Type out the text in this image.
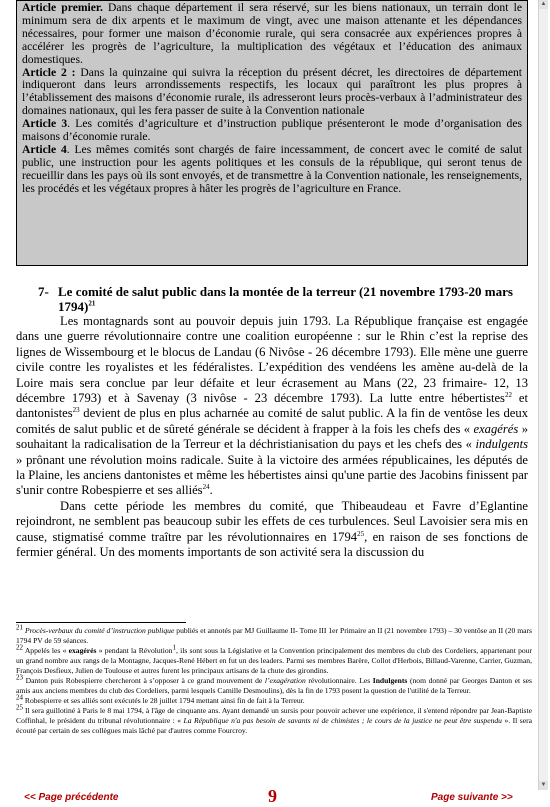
Article premier. Dans chaque département il sera réservé, sur les biens nationaux, un terrain dont le minimum sera de dix arpents et le maximum de vingt, avec une maison attenante et les dépendances nécessaires, pour former une maison d’économie rurale, qui sera consacrée aux expériences propres à accélérer les progrès de l’agriculture, la multiplication des végétaux et l’éducation des animaux domestiques.

Article 2 : Dans la quinzaine qui suivra la réception du présent décret, les directoires de département indiqueront dans leurs arrondissements respectifs, les locaux qui paraîtront les plus propres à l’établissement des maisons d’économie rurale, ils adresseront leurs procès-verbaux à l’administrateur des domaines nationaux, qui les fera passer de suite à la Convention nationale

Article 3. Les comités d’agriculture et d’instruction publique présenteront le mode d’organisation des maisons d’économie rurale.

Article 4. Les mêmes comités sont chargés de faire incessamment, de concert avec le comité de salut public, une instruction pour les agents politiques et les consuls de la république, qui seront tenus de recueillir dans les pays où ils sont envoyés, et de transmettre à la Convention nationale, les renseignements, les procédés et les végétaux propres à hâter les progrès de l’agriculture en France.

7- Le comité de salut public dans la montée de la terreur (21 novembre 1793-20 mars 1794)$^{21}$

Les montagnards sont au pouvoir depuis juin 1793. La République française est engagée dans une guerre révolutionnaire contre une coalition européenne : sur le Rhin c’est la reprise des lignes de Wissembourg et le blocus de Landau (6 Nivôse - 26 décembre 1793). Elle mène une guerre civile contre les royalistes et les fédéralistes. L’expédition des vendéens les amène au-delà de la Loire mais sera conclue par leur défaite et leur écrasement au Mans (22, 23 frimaire- 12, 13 décembre 1793) et à Savenay (3 nivôse - 23 décembre 1793). La lutte entre hébertistes$^{22}$ et dantonistes$^{23}$ devient de plus en plus acharnée au comité de salut public. A la fin de ventôse les deux comités de salut public et de sûreté générale se décident à frapper à la fois les chefs des « exagérés » souhaitant la radicalisation de la Terreur et la déchristianisation du pays et les chefs des « indulgents » prônant une révolution moins radicale. Suite à la victoire des armées républicaines, les députés de la Plaine, les anciens dantonistes et même les hébertistes ainsi qu'une partie des Jacobins finissent par s'unir contre Robespierre et ses alliés$^{24}$.

Dans cette période les membres du comité, que Thibeaudeau et Favre d’Eglantine rejoindront, ne semblent pas beaucoup subir les effets de ces turbulences. Seul Lavoisier sera mis en cause, stigmatisé comme traître par les révolutionnaires en 1794$^{25}$, en raison de ses fonctions de fermier général. Un des moments importants de son activité sera la discussion du

$^{21}$ Procès-verbaux du comité d’instruction publique publiés et annotés par MJ Guillaume II- Tome III 1er Primaire an II (21 novembre 1793) – 30 ventôse an II (20 mars 1794 PV de 59 séances.

$^{22}$ Appelés les « exagérés » pendant la Révolution$^1$, ils sont sous la Législative et la Convention principalement des membres du club des Cordeliers, appartenant pour un grand nombre aux rangs de la Montagne, Jacques-René Hébert en fut un des leaders. Parmi ses membres Barère, Collot d'Herbois, Billaud-Varenne, Carrier, Guzman, François Desfieux, Julien de Toulouse et autres furent les principaux artisans de la chute des girondins.

$^{23}$ Danton puis Robespierre chercheront à s’opposer à ce grand mouvement de l’exagération révolutionnaire. Les Indulgents (nom donné par Georges Danton et ses amis aux anciens membres du club des Cordeliers, parmi lesquels Camille Desmoulins), dès la fin de 1793 posent la question de l'utilité de la Terreur.

$^{24}$ Robespierre et ses alliés sont exécutés le 28 juillet 1794 mettant ainsi fin de fait à la Terreur.

$^{25}$ Il sera guillotiné à Paris le 8 mai 1794, à l'âge de cinquante ans. Ayant demandé un sursis pour pouvoir achever une expérience, il s'entend répondre par Jean-Baptiste Coffinhal, le président du tribunal révolutionnaire : « La République n'a pas besoin de savants ni de chimistes ; le cours de la justice ne peut être suspendu ». Il sera écouté par certain de ses collègues mais lâché par d'autres comme Fourcroy.

▲
▼
<< Page précédente	9	Page suivante >>
